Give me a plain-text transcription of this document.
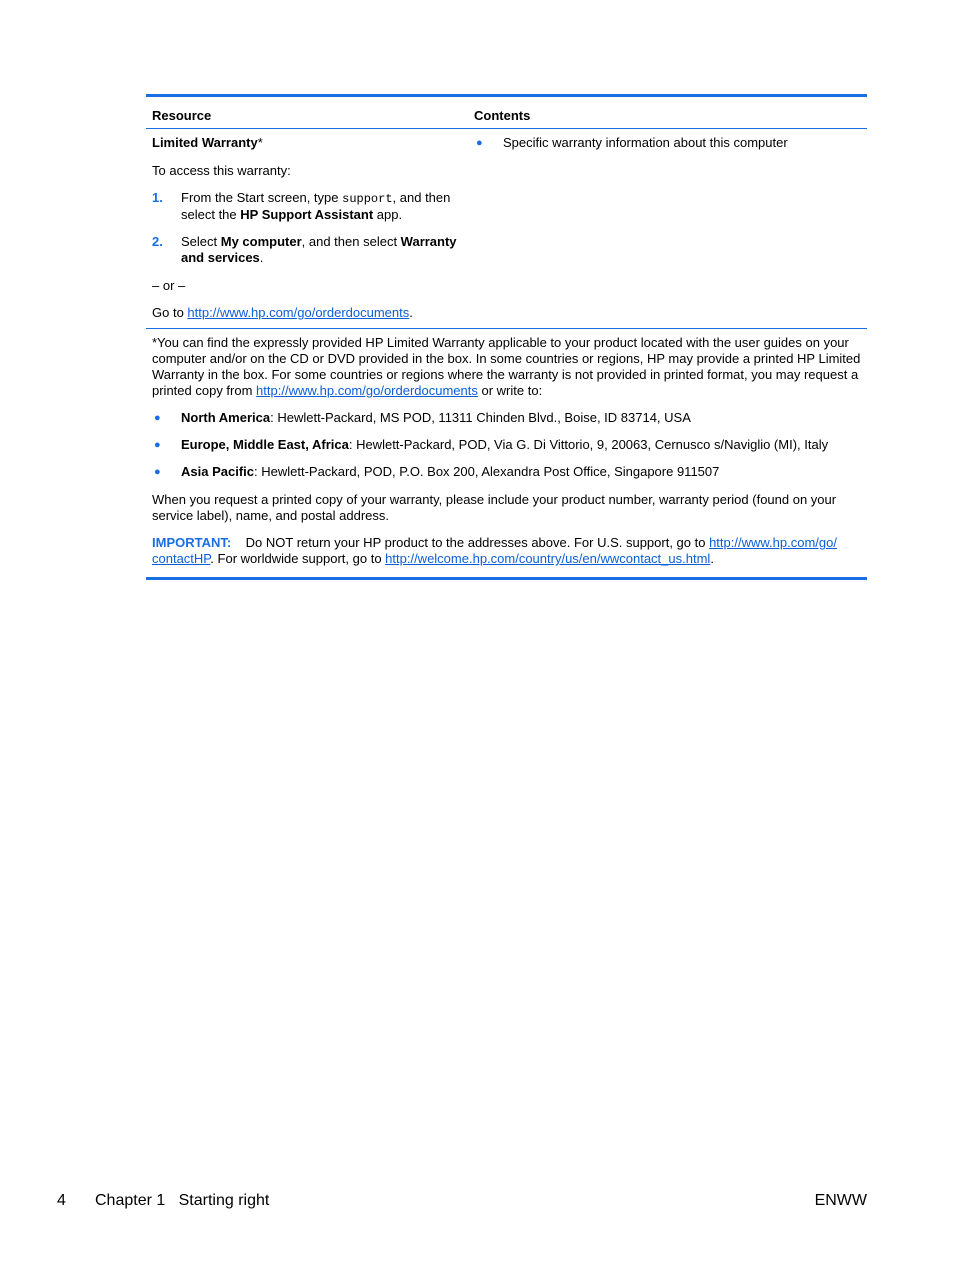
Resource	Contents

Limited Warranty*

To access this warranty:

1. From the Start screen, type support, and then select the HP Support Assistant app.
2. Select My computer, and then select Warranty and services.

– or –

Go to http://www.hp.com/go/orderdocuments.

● Specific warranty information about this computer

*You can find the expressly provided HP Limited Warranty applicable to your product located with the user guides on your computer and/or on the CD or DVD provided in the box. In some countries or regions, HP may provide a printed HP Limited Warranty in the box. For some countries or regions where the warranty is not provided in printed format, you may request a printed copy from http://www.hp.com/go/orderdocuments or write to:

● North America: Hewlett-Packard, MS POD, 11311 Chinden Blvd., Boise, ID 83714, USA
● Europe, Middle East, Africa: Hewlett-Packard, POD, Via G. Di Vittorio, 9, 20063, Cernusco s/Naviglio (MI), Italy
● Asia Pacific: Hewlett-Packard, POD, P.O. Box 200, Alexandra Post Office, Singapore 911507

When you request a printed copy of your warranty, please include your product number, warranty period (found on your service label), name, and postal address.

IMPORTANT: Do NOT return your HP product to the addresses above. For U.S. support, go to http://www.hp.com/go/ contactHP. For worldwide support, go to http://welcome.hp.com/country/us/en/wwcontact_us.html.

4 Chapter 1   Starting right	ENWW
